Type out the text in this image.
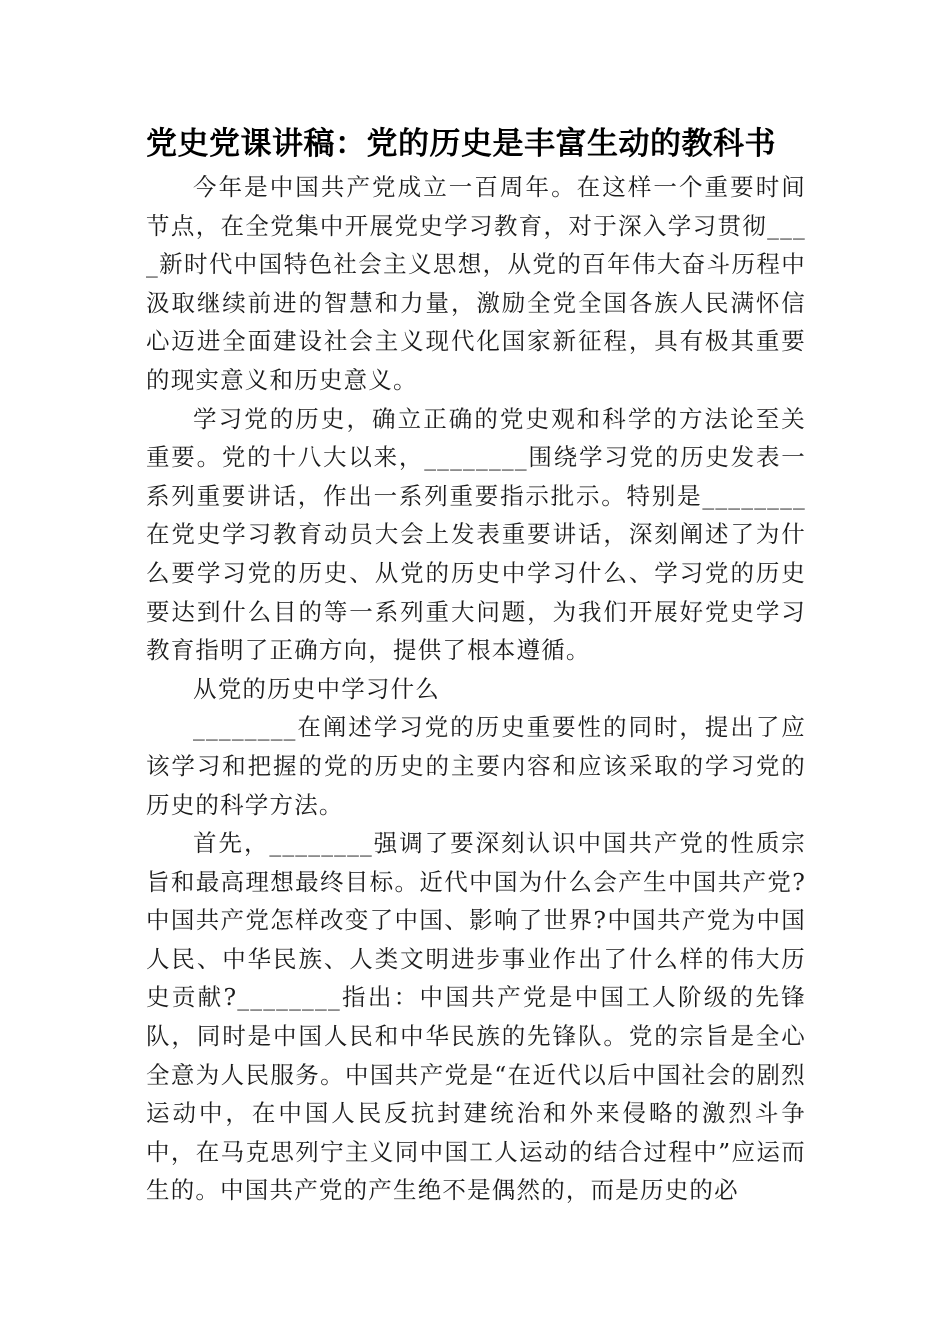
党史党课讲稿：党的历史是丰富生动的教科书

今年是中国共产党成立一百周年。在这样一个重要时间节点，在全党集中开展党史学习教育，对于深入学习贯彻____新时代中国特色社会主义思想，从党的百年伟大奋斗历程中汲取继续前进的智慧和力量，激励全党全国各族人民满怀信心迈进全面建设社会主义现代化国家新征程，具有极其重要的现实意义和历史意义。

学习党的历史，确立正确的党史观和科学的方法论至关重要。党的十八大以来，________围绕学习党的历史发表一系列重要讲话，作出一系列重要指示批示。特别是________在党史学习教育动员大会上发表重要讲话，深刻阐述了为什么要学习党的历史、从党的历史中学习什么、学习党的历史要达到什么目的等一系列重大问题，为我们开展好党史学习教育指明了正确方向，提供了根本遵循。

从党的历史中学习什么

________在阐述学习党的历史重要性的同时，提出了应该学习和把握的党的历史的主要内容和应该采取的学习党的历史的科学方法。

首先，________强调了要深刻认识中国共产党的性质宗旨和最高理想最终目标。近代中国为什么会产生中国共产党?中国共产党怎样改变了中国、影响了世界?中国共产党为中国人民、中华民族、人类文明进步事业作出了什么样的伟大历史贡献?________指出：中国共产党是中国工人阶级的先锋队，同时是中国人民和中华民族的先锋队。党的宗旨是全心全意为人民服务。中国共产党是“在近代以后中国社会的剧烈运动中，在中国人民反抗封建统治和外来侵略的激烈斗争中，在马克思列宁主义同中国工人运动的结合过程中”应运而生的。中国共产党的产生绝不是偶然的，而是历史的必
